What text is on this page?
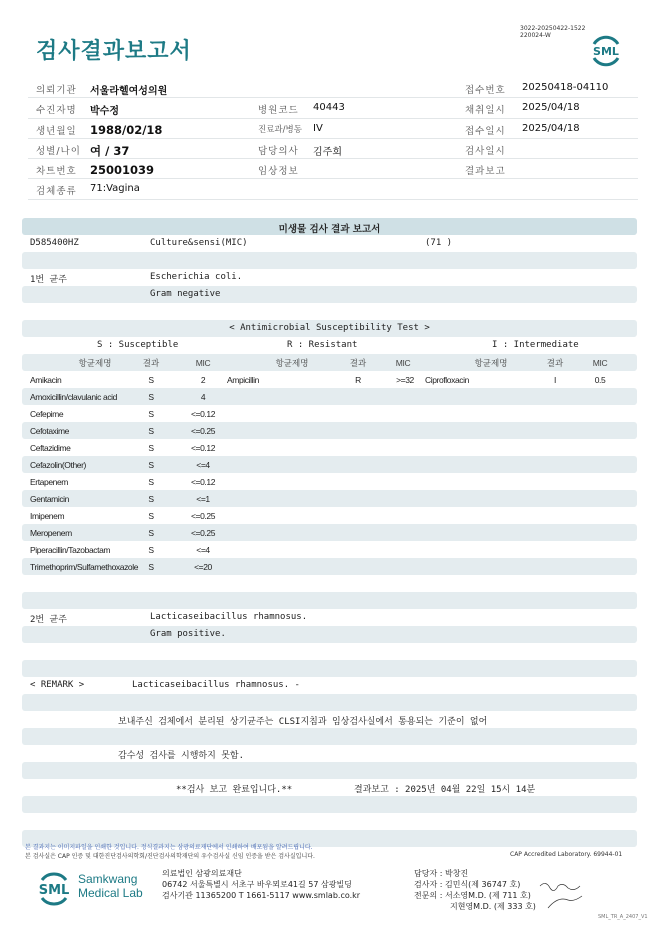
검사결과보고서
3022-20250422-1522
220024-W
SML
의뢰기관 서울라헬여성의원	접수번호 20250418-04110
수진자명 박수정	병원코드 40443	채취일시 2025/04/18
생년월일 1988/02/18	진료과/병동 IV	접수일시 2025/04/18
성별/나이 여 / 37	담당의사 김주희	검사일시
차트번호 25001039	임상정보	결과보고
검체종류 71:Vagina
미생물 검사 결과 보고서
D585400HZ	Culture&sensi(MIC)	(71 )
1번 균주	Escherichia coli.
Gram negative
< Antimicrobial Susceptibility Test >
S : Susceptible	R : Resistant	I : Intermediate
항균제명	결과	MIC	항균제명	결과	MIC	항균제명	결과	MIC
Amikacin	S	2	Ampicillin	R	>=32 Ciprofloxacin	I	0.5
Amoxicillin/clavulanic acid	S	4
Cefepime	S	<=0.12
Cefotaxime	S	<=0.25
Ceftazidime	S	<=0.12
Cefazolin(Other)	S	<=4
Ertapenem	S	<=0.12
Gentamicin	S	<=1
Imipenem	S	<=0.25
Meropenem	S	<=0.25
Piperacillin/Tazobactam	S	<=4
Trimethoprim/Sulfamethoxazole S	<=20
2번 균주	Lacticaseibacillus rhamnosus.
Gram positive.
< REMARK >	Lacticaseibacillus rhamnosus. -
보내주신 검체에서 분리된 상기균주는 CLSI지침과 임상검사실에서 통용되는 기준이 없어
감수성 검사를 시행하지 못함.
**검사 보고 완료입니다.**	결과보고 : 2025년 04월 22일 15시 14분
본 결과지는 이미지파일을 인쇄한 것입니다. 정식결과지는 삼광의료재단에서 인쇄하여 배포됨을 알려드립니다.
본 검사실은 CAP 인증 및 대한진단검사의학회/진단검사의학재단의 우수검사실 신임 인증을 받은 검사실입니다.	CAP Accredited Laboratory. 69944-01
SML
Samkwang
Medical Lab
의료법인 삼광의료재단
06742 서울특별시 서초구 바우뫼로41길 57 삼광빌딩
검사기관 11365200 T 1661-5117 www.smlab.co.kr
담당자 : 박창진
검사자 : 김민식(제 36747 호)
전문의 : 서소영M.D. (제 711 호)
지현영M.D. (제 333 호)
SML_TR_A_2407_V1
